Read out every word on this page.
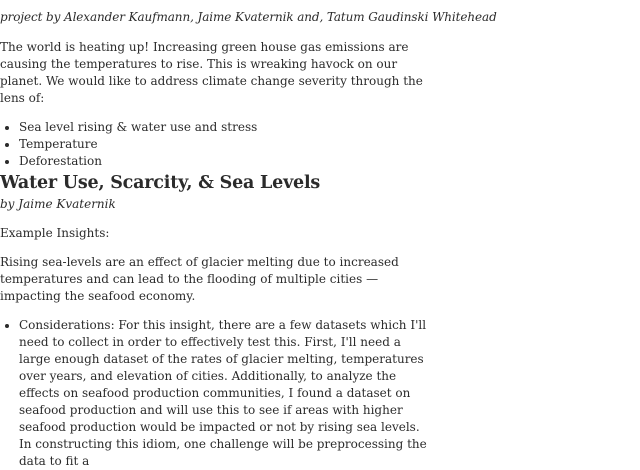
project by Alexander Kaufmann, Jaime Kvaternik and, Tatum Gaudinski Whitehead

The world is heating up! Increasing green house gas emissions are causing the temperatures to rise. This is wreaking havock on our planet. We would like to address climate change severity through the lens of:

• Sea level rising & water use and stress
• Temperature
• Deforestation
Water Use, Scarcity, & Sea Levels

by Jaime Kvaternik

Example Insights:

Rising sea-levels are an effect of glacier melting due to increased temperatures and can lead to the flooding of multiple cities — impacting the seafood economy.

• Considerations: For this insight, there are a few datasets which I'll need to collect in order to effectively test this. First, I'll need a large enough dataset of the rates of glacier melting, temperatures over years, and elevation of cities. Additionally, to analyze the effects on seafood production communities, I found a dataset on seafood production and will use this to see if areas with higher seafood production would be impacted or not by rising sea levels. In constructing this idiom, one challenge will be preprocessing the data to fit a
